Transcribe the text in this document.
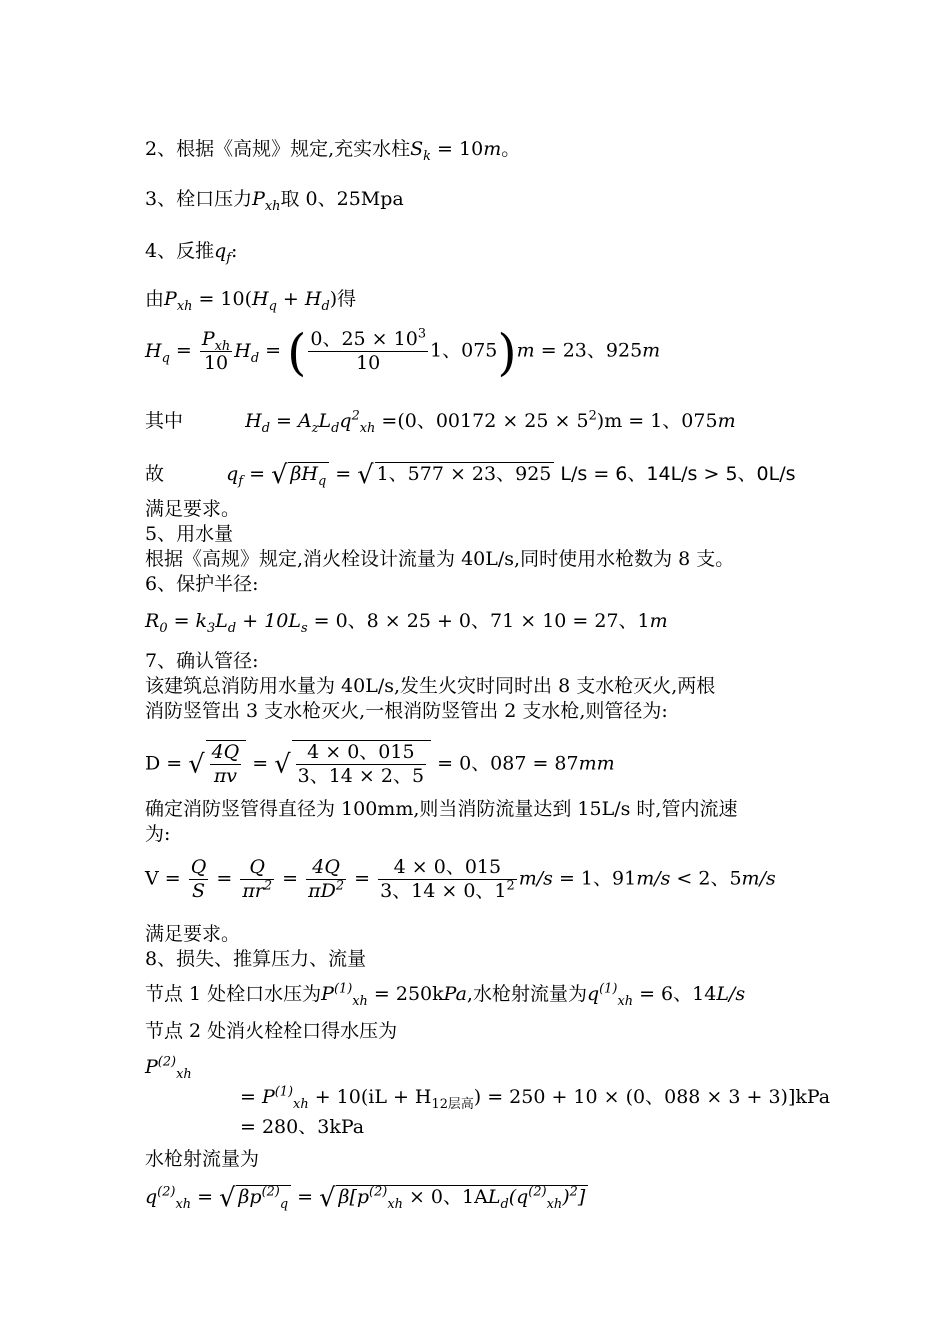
2、根据《高规》规定,充实水柱$S_k = 10m$。
3、栓口压力$P_{xh}$取 0、25Mpa
4、反推$q_f$:
由$P_{xh} = 10(H_q + H_d)$得
$H_q = \frac{P_{xh}}{10} H_d$ = ( $\frac{0、25 \times 10^3}{10} 1$、075)m = 23、925m
其中	$H_d = A_zL_dq^2_{xh} =(0$、$00172 \times 25 \times 5^2)m = 1$、075m
故	$q_f$ = √ $\beta H_q$ = √ 1、577 × 23、925 L/s = 6、14L/s > 5、0L/s
满足要求。
5、用水量
根据《高规》规定,消火栓设计流量为 40L/s,同时使用水枪数为 8 支。
6、保护半径:
$R_0 = k_3L_d + 10L_s = 0$、8 × 25 + 0、71 × 10 = 27、1m
7、确认管径:
该建筑总消防用水量为 40L/s,发生火灾时同时出 8 支水枪灭火,两根
消防竖管出 3 支水枪灭火,一根消防竖管出 2 支水枪,则管径为:
D = √ $\frac{4Q}{\pi v}$ = √ $\frac{4 \times 0、015}{3、14 \times 2、5} = 0$、087 = 87mm
确定消防竖管得直径为 100mm,则当消防流量达到 15L/s 时,管内流速
为:
$V = \frac{Q}{S} = \frac{Q}{\pi r^2} = \frac{4Q}{\pi D^2} = \frac{4 \times 0、015}{3、14 \times 0、1^2} m/s = 1$、91m/s < 2、5m/s
满足要求。
8、损失、推算压力、流量
节点 1 处栓口水压为$P^{(1)}_{xh} = 250kPa$,水枪射流量为$q^{(1)}_{xh} = 6$、14L/s
节点 2 处消火栓栓口得水压为
$P^{(2)}_{xh}$
= $P^{(1)}_{xh} + 10(iL + H_{12层高}) = 250 + 10 \times (0$、088 × 3 + 3)]kPa
= 280、3kPa
水枪射流量为
$q^{(2)}_{xh}$ = √ $\beta p^{(2)}_q$ = √ $\beta[p^{(2)}_{xh} \times 0$、$1AL_d(q^{(2)}_{xh})^2$]
